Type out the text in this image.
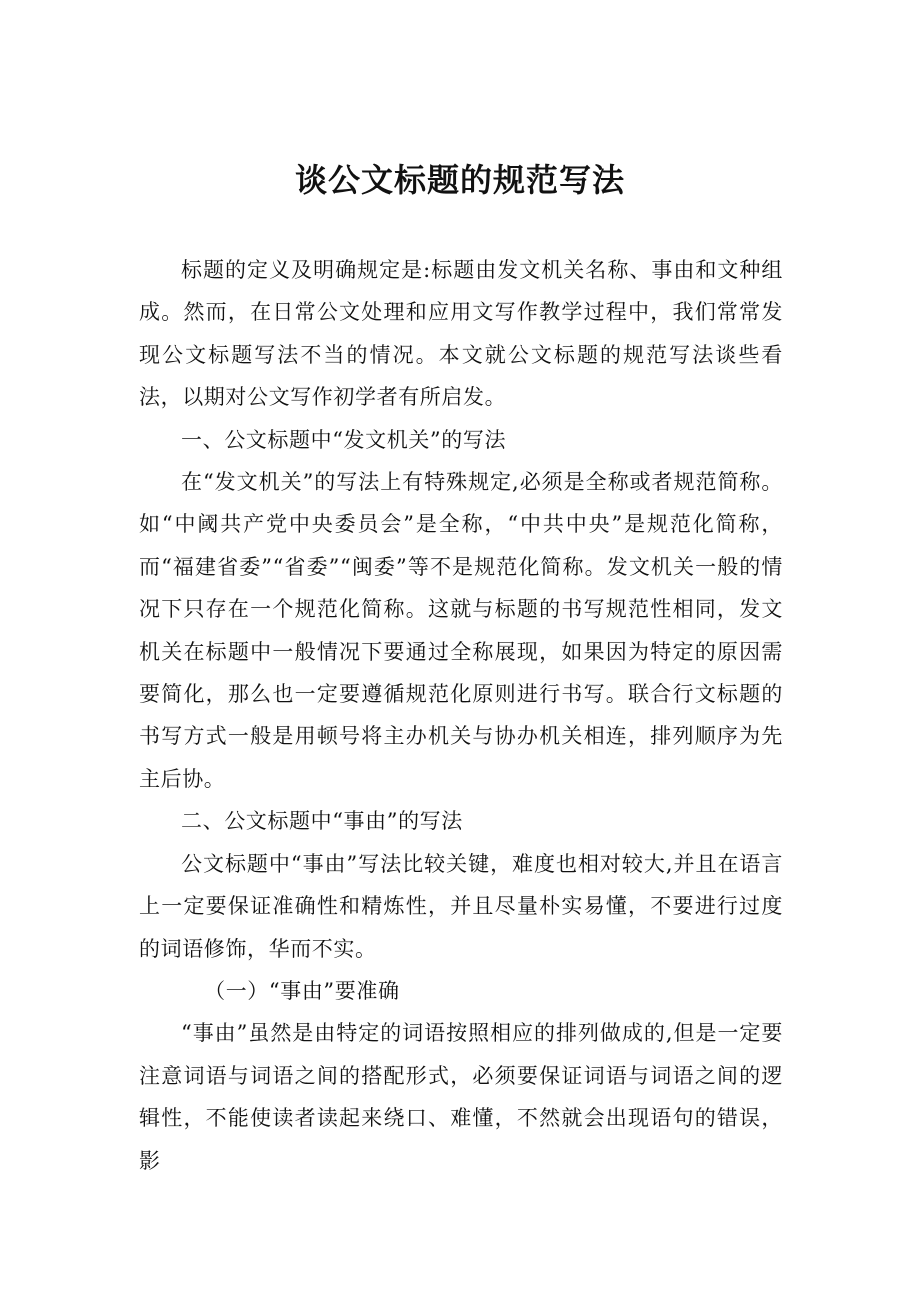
谈公文标题的规范写法

标题的定义及明确规定是:标题由发文机关名称、事由和文种组成。然而，在日常公文处理和应用文写作教学过程中，我们常常发现公文标题写法不当的情况。本文就公文标题的规范写法谈些看法，以期对公文写作初学者有所启发。

一、公文标题中“发文机关”的写法

在“发文机关”的写法上有特殊规定,必须是全称或者规范简称。如“中阈共产党中央委员会”是全称，“中共中央”是规范化简称，而“福建省委”“省委”“闽委”等不是规范化简称。发文机关一般的情况下只存在一个规范化简称。这就与标题的书写规范性相同，发文机关在标题中一般情况下要通过全称展现，如果因为特定的原因需要简化，那么也一定要遵循规范化原则进行书写。联合行文标题的书写方式一般是用顿号将主办机关与协办机关相连，排列顺序为先主后协。

二、公文标题中“事由”的写法

公文标题中“事由”写法比较关键，难度也相对较大,并且在语言上一定要保证准确性和精炼性，并且尽量朴实易懂，不要进行过度的词语修饰，华而不实。

（一）“事由”要准确

“事由”虽然是由特定的词语按照相应的排列做成的,但是一定要注意词语与词语之间的搭配形式，必须要保证词语与词语之间的逻辑性，不能使读者读起来绕口、难懂，不然就会出现语句的错误，影
